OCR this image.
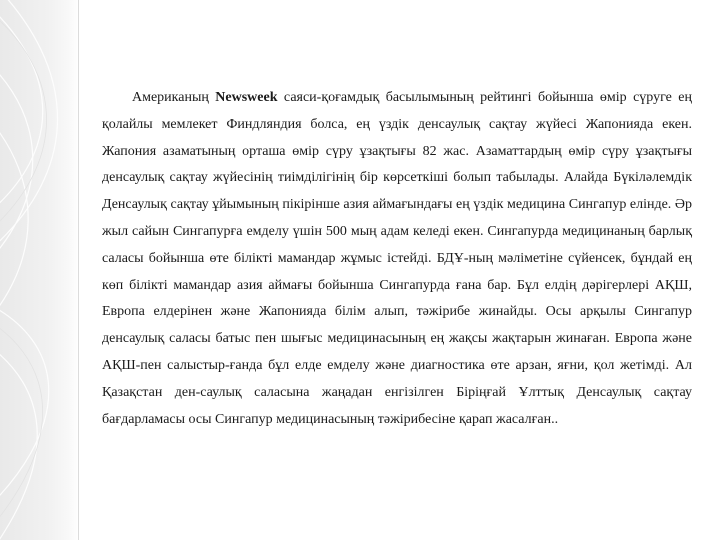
Американың Newsweek саяси-қоғамдық басылымының рейтингі бойынша өмір сүруге ең қолайлы мемлекет Финдляндия болса, ең үздік денсаулық сақтау жүйесі Жапонияда екен. Жапония азаматының орташа өмір сүру ұзақтығы 82 жас. Азаматтардың өмір сүру ұзақтығы денсаулық сақтау жүйесінің тиімділігінің бір көрсеткіші болып табылады. Алайда Бүкіләлемдік Денсаулық сақтау ұйымының пікірінше азия аймағындағы ең үздік медицина Сингапур елінде. Әр жыл сайын Сингапурға емделу үшін 500 мың адам келеді екен. Сингапурда медицинаның барлық саласы бойынша өте білікті мамандар жұмыс істейді. БДҰ-ның мәліметіне сүйенсек, бұндай ең көп білікті мамандар азия аймағы бойынша Сингапурда ғана бар. Бұл елдің дәрігерлері АҚШ, Европа елдерінен және Жапонияда білім алып, тәжірибе жинайды. Осы арқылы Сингапур денсаулық саласы батыс пен шығыс медицинасының ең жақсы жақтарын жинаған. Европа және АҚШ-пен салыстыр-ғанда бұл елде емделу және диагностика өте арзан, яғни, қол жетімді. Ал Қазақстан ден-саулық саласына жаңадан енгізілген Біріңғай Ұлттық Денсаулық сақтау бағдарламасы осы Сингапур медицинасының тәжірибесіне қарап жасалған..
